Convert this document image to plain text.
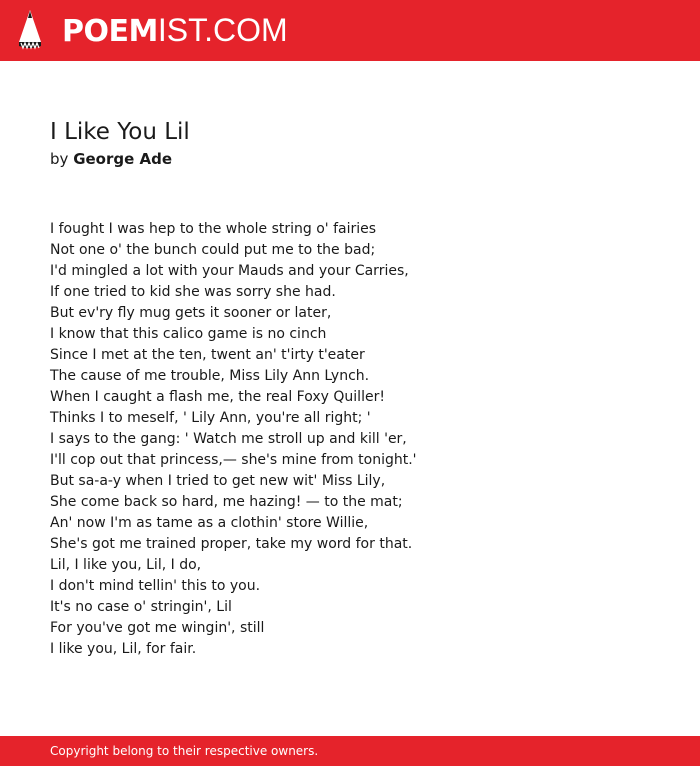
POEMIST.COM
I Like You Lil
by George Ade
I fought I was hep to the whole string o' fairies
Not one o' the bunch could put me to the bad;
I'd mingled a lot with your Mauds and your Carries,
If one tried to kid she was sorry she had.
But ev'ry fly mug gets it sooner or later,
I know that this calico game is no cinch
Since I met at the ten, twent an' t'irty t'eater
The cause of me trouble, Miss Lily Ann Lynch.
When I caught a flash me, the real Foxy Quiller!
Thinks I to meself, ' Lily Ann, you're all right; '
I says to the gang: ' Watch me stroll up and kill 'er,
I'll cop out that princess,— she's mine from tonight.'
But sa-a-y when I tried to get new wit' Miss Lily,
She come back so hard, me hazing! — to the mat;
An' now I'm as tame as a clothin' store Willie,
She's got me trained proper, take my word for that.
Lil, I like you, Lil, I do,
I don't mind tellin' this to you.
It's no case o' stringin', Lil
For you've got me wingin', still
I like you, Lil, for fair.
Copyright belong to their respective owners.
